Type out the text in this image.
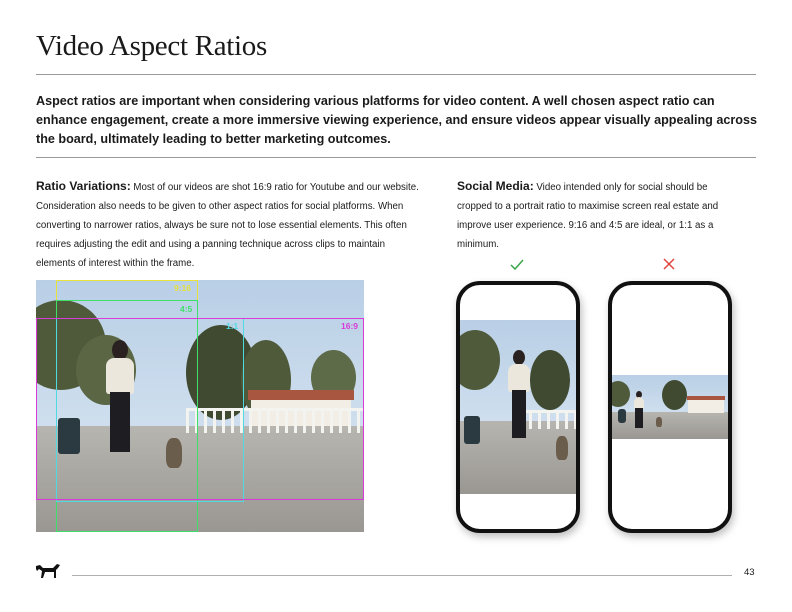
Video Aspect Ratios
Aspect ratios are important when considering various platforms for video content. A well chosen aspect ratio can enhance engagement, create a more immersive viewing experience, and ensure videos appear visually appealing across the board, ultimately leading to better marketing outcomes.
Ratio Variations: Most of our videos are shot 16:9 ratio for Youtube and our website. Consideration also needs to be given to other aspect ratios for social platforms. When converting to narrower ratios, always be sure not to lose essential elements. This often requires adjusting the edit and using a panning technique across clips to maintain elements of interest within the frame.
Social Media: Video intended only for social should be cropped to a portrait ratio to maximise screen real estate and improve user experience. 9:16 and 4:5 are ideal, or 1:1 as a minimum.
9:16
4:5
1:1	16:9
43
